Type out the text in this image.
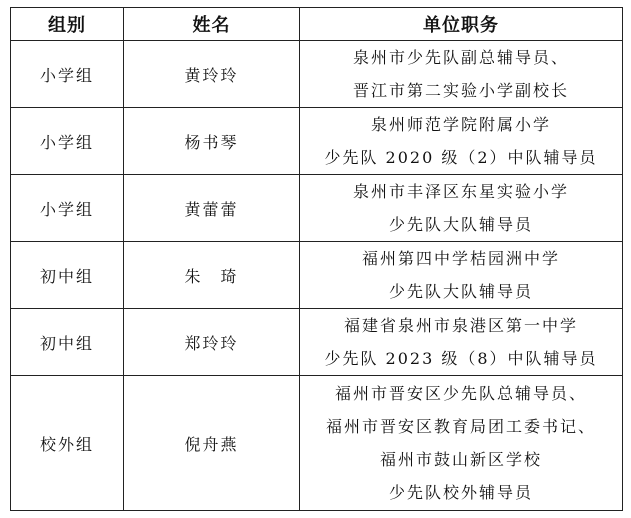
组别	姓名	单位职务
小学组	黄玲玲	泉州市少先队副总辅导员、
晋江市第二实验小学副校长

小学组	杨书琴	泉州师范学院附属小学
少先队 2020 级（2）中队辅导员

小学组	黄蕾蕾	泉州市丰泽区东星实验小学
少先队大队辅导员

初中组	朱　琦	福州第四中学桔园洲中学
少先队大队辅导员

初中组	郑玲玲	福建省泉州市泉港区第一中学
少先队 2023 级（8）中队辅导员

校外组	倪舟燕	福州市晋安区少先队总辅导员、
福州市晋安区教育局团工委书记、
福州市鼓山新区学校
少先队校外辅导员
